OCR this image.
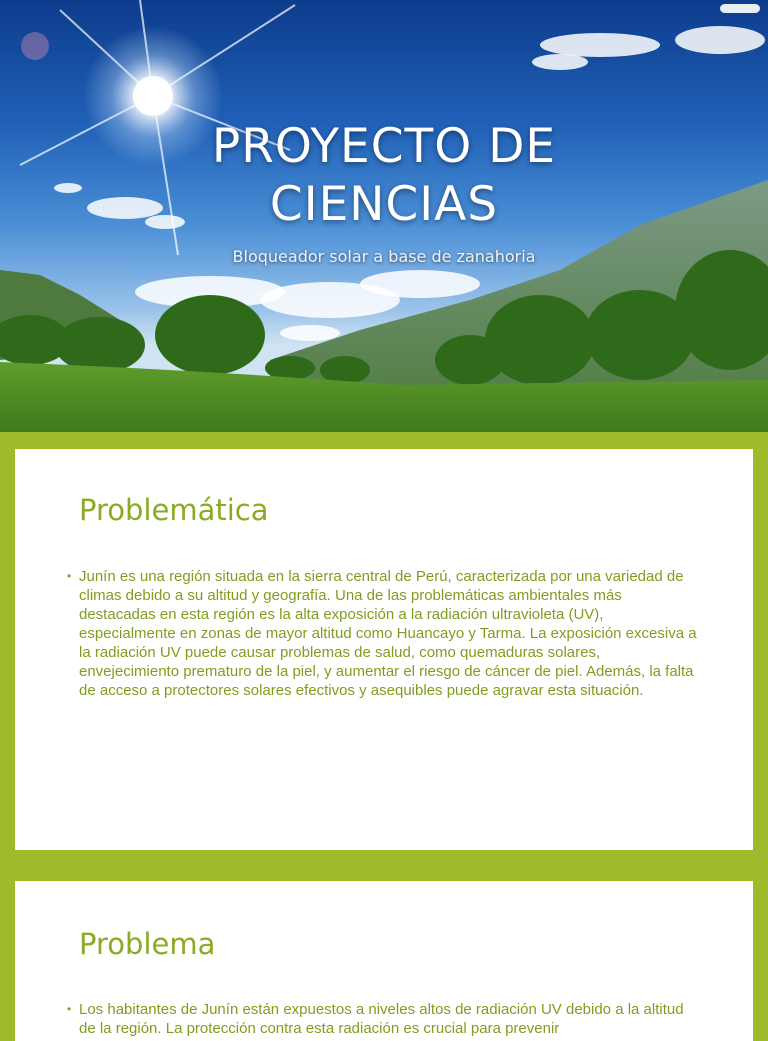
PROYECTO DE
CIENCIAS
Bloqueador solar a base de zanahoria
Problemática
• Junín es una región situada en la sierra central de Perú, caracterizada por una variedad de climas debido a su altitud y geografía. Una de las problemáticas ambientales más destacadas en esta región es la alta exposición a la radiación ultravioleta (UV), especialmente en zonas de mayor altitud como Huancayo y Tarma. La exposición excesiva a la radiación UV puede causar problemas de salud, como quemaduras solares, envejecimiento prematuro de la piel, y aumentar el riesgo de cáncer de piel. Además, la falta de acceso a protectores solares efectivos y asequibles puede agravar esta situación.
Problema
• Los habitantes de Junín están expuestos a niveles altos de radiación UV debido a la altitud de la región. La protección contra esta radiación es crucial para prevenir
